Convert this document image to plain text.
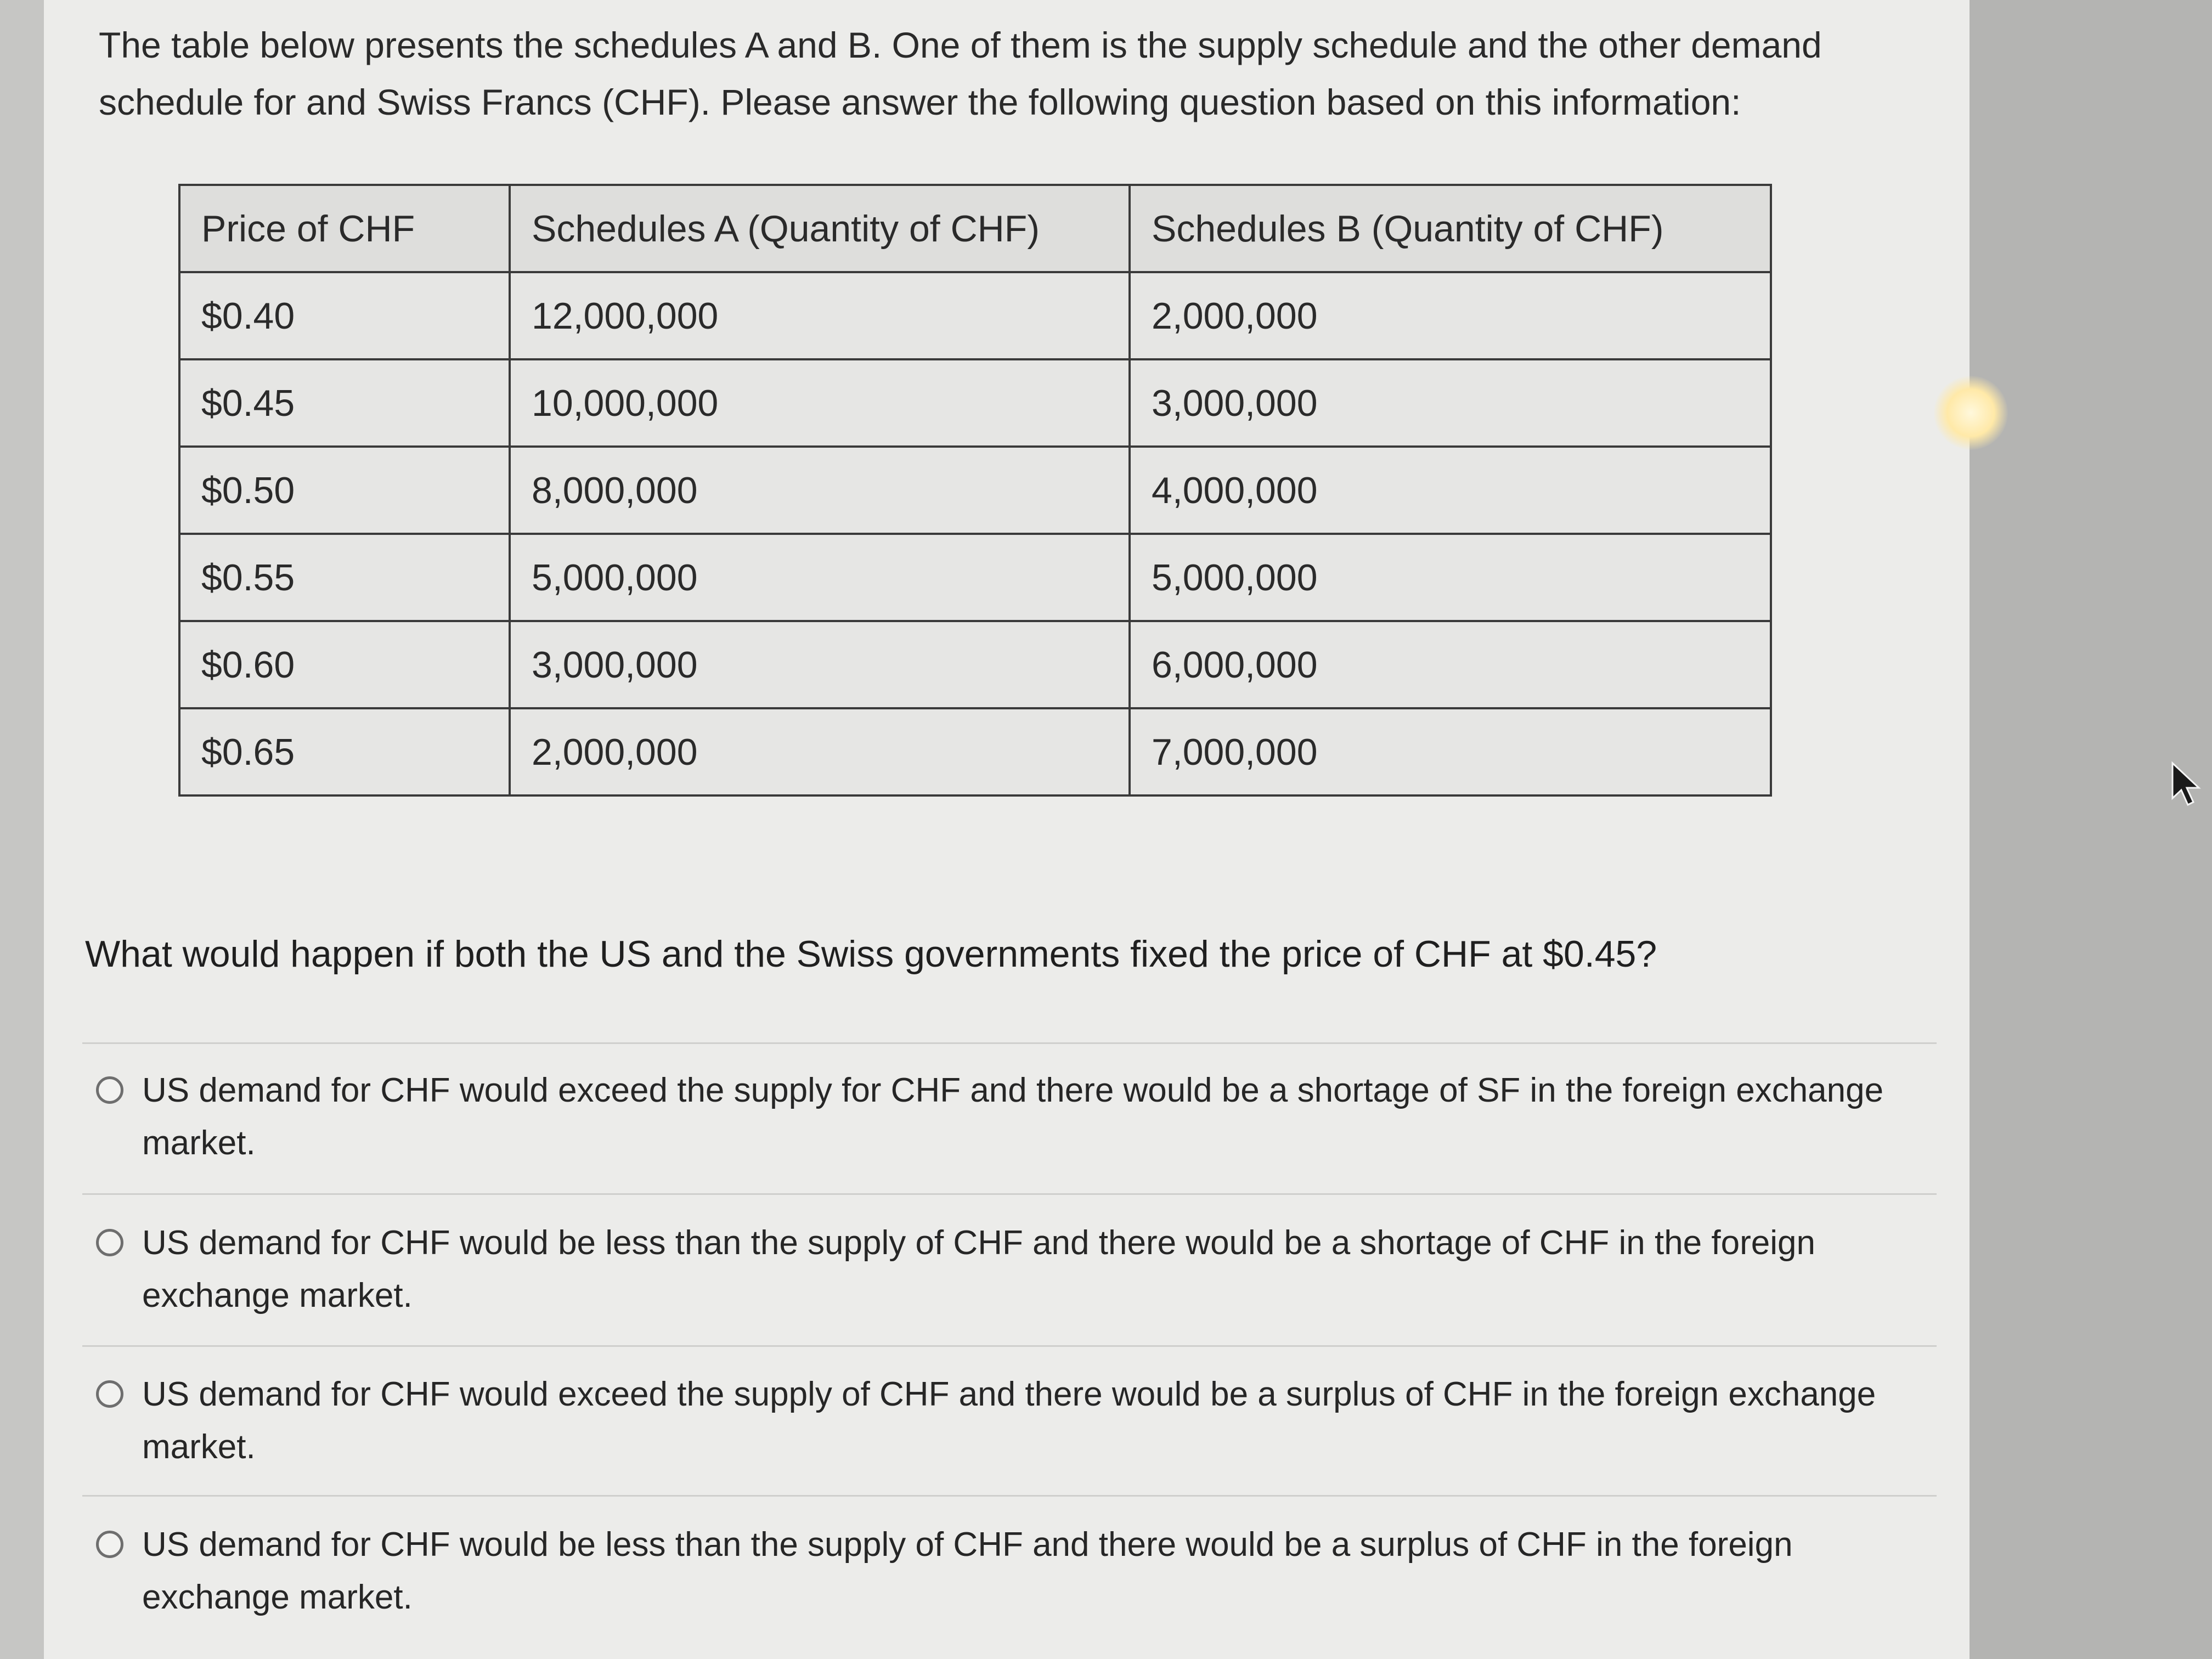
The table below presents the schedules A and B. One of them is the supply schedule and the other demand schedule for and Swiss Francs (CHF). Please answer the following question based on this information:

Price of CHF	Schedules A (Quantity of CHF)	Schedules B (Quantity of CHF)
$0.40	12,000,000	2,000,000
$0.45	10,000,000	3,000,000
$0.50	8,000,000	4,000,000
$0.55	5,000,000	5,000,000
$0.60	3,000,000	6,000,000
$0.65	2,000,000	7,000,000

What would happen if both the US and the Swiss governments fixed the price of CHF at $0.45?

US demand for CHF would exceed the supply for CHF and there would be a shortage of SF in the foreign exchange market.
US demand for CHF would be less than the supply of CHF and there would be a shortage of CHF in the foreign exchange market.
US demand for CHF would exceed the supply of CHF and there would be a surplus of CHF in the foreign exchange market.
US demand for CHF would be less than the supply of CHF and there would be a surplus of CHF in the foreign exchange market.
